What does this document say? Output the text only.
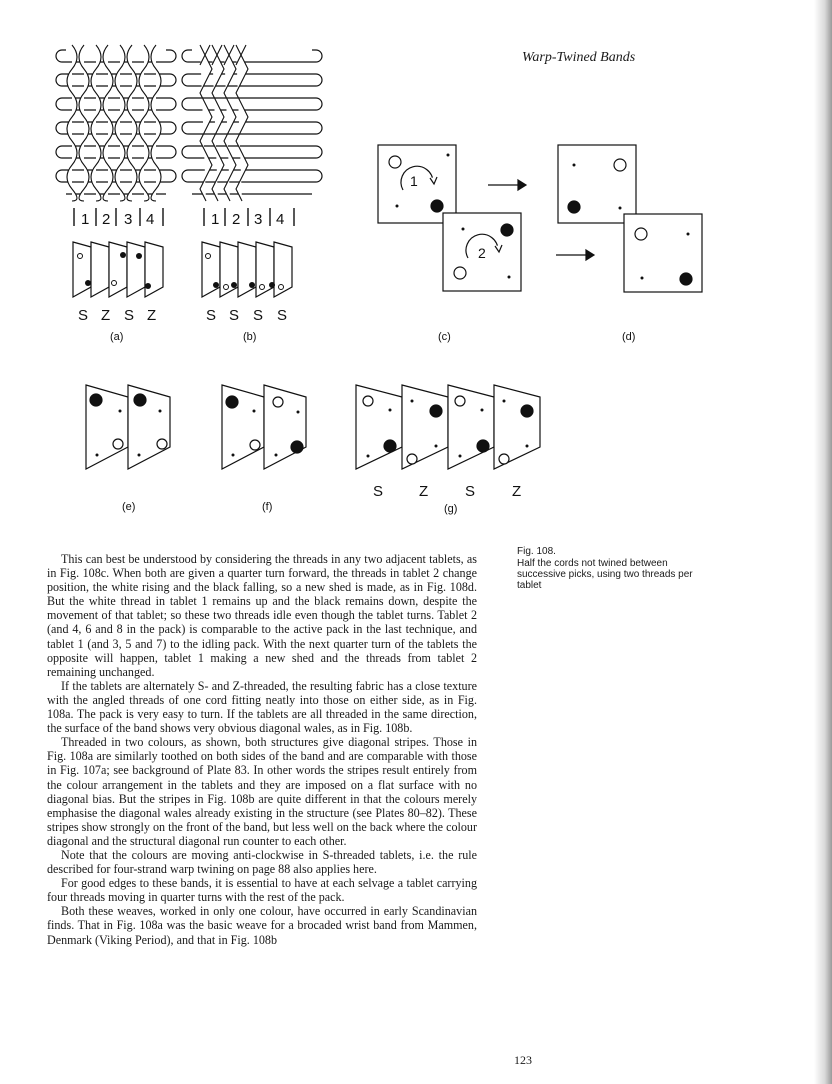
Warp-Twined Bands
1 2 3 4	1 2 3 4
S Z S Z	S S S S
(a)	(b)	(c)	(d)
(e)	(f)	(g)
1
2
S Z S Z
Fig. 108.
Half the cords not twined between successive picks, using two threads per tablet

This can best be understood by considering the threads in any two adjacent tablets, as in Fig. 108c. When both are given a quarter turn forward, the threads in tablet 2 change position, the white rising and the black falling, so a new shed is made, as in Fig. 108d. But the white thread in tablet 1 remains up and the black remains down, despite the movement of that tablet; so these two threads idle even though the tablet turns. Tablet 2 (and 4, 6 and 8 in the pack) is comparable to the active pack in the last technique, and tablet 1 (and 3, 5 and 7) to the idling pack. With the next quarter turn of the tablets the opposite will happen, tablet 1 making a new shed and the threads from tablet 2 remaining unchanged.

If the tablets are alternately S- and Z-threaded, the resulting fabric has a close texture with the angled threads of one cord fitting neatly into those on either side, as in Fig. 108a. The pack is very easy to turn. If the tablets are all threaded in the same direction, the surface of the band shows very obvious diagonal wales, as in Fig. 108b.

Threaded in two colours, as shown, both structures give diagonal stripes. Those in Fig. 108a are similarly toothed on both sides of the band and are comparable with those in Fig. 107a; see background of Plate 83. In other words the stripes result entirely from the colour arrangement in the tablets and they are imposed on a flat surface with no diagonal bias. But the stripes in Fig. 108b are quite different in that the colours merely emphasise the diagonal wales already existing in the structure (see Plates 80–82). These stripes show strongly on the front of the band, but less well on the back where the colour diagonal and the structural diagonal run counter to each other.

Note that the colours are moving anti-clockwise in S-threaded tablets, i.e. the rule described for four-strand warp twining on page 88 also applies here.

For good edges to these bands, it is essential to have at each selvage a tablet carrying four threads moving in quarter turns with the rest of the pack.

Both these weaves, worked in only one colour, have occurred in early Scandinavian finds. That in Fig. 108a was the basic weave for a brocaded wrist band from Mammen, Denmark (Viking Period), and that in Fig. 108b

123
